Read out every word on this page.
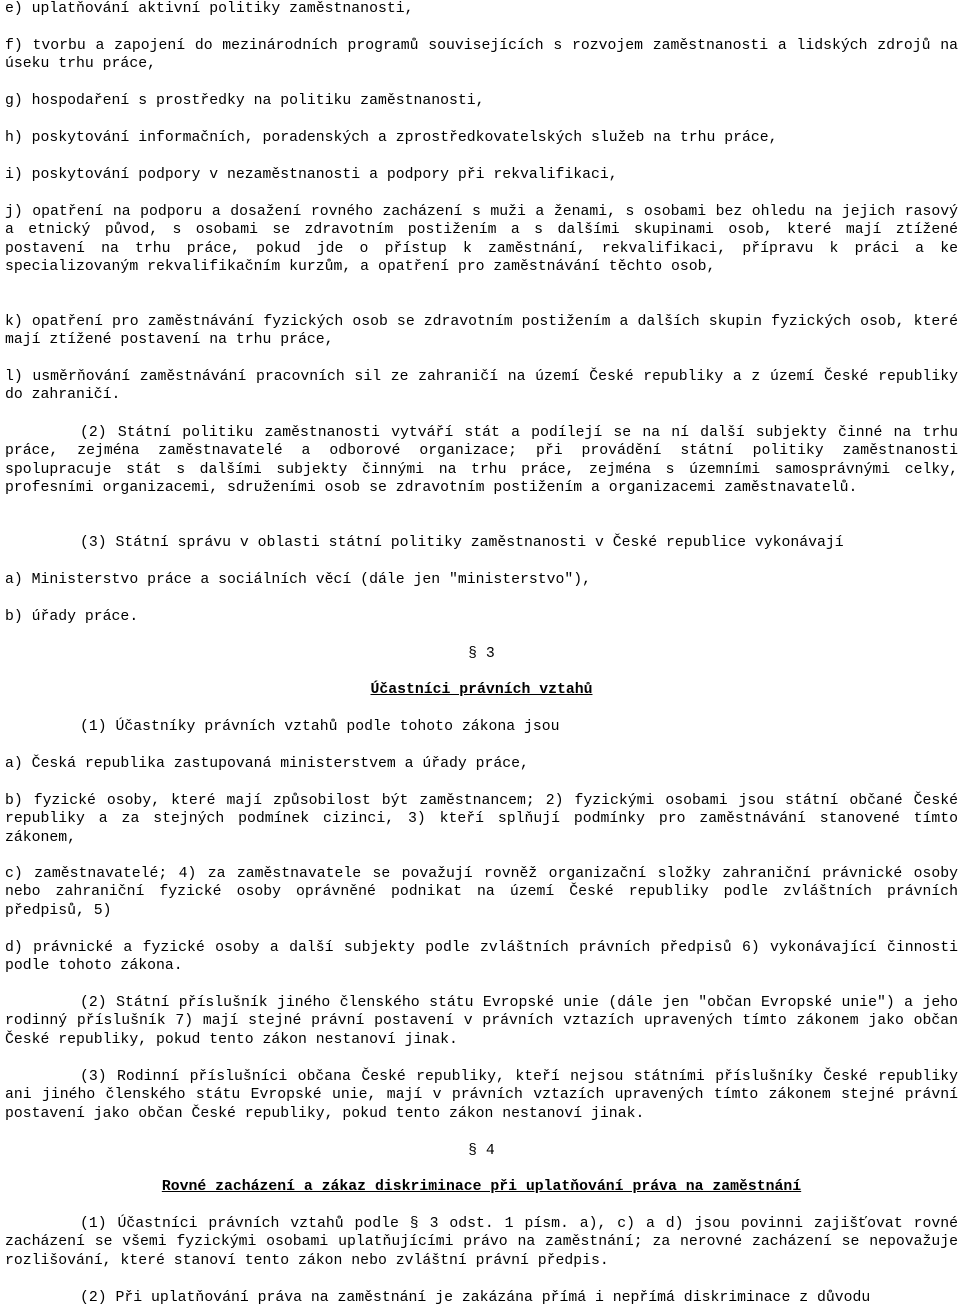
e) uplatňování aktivní politiky zaměstnanosti,

f) tvorbu a zapojení do mezinárodních programů souvisejících s rozvojem zaměstnanosti a lidských zdrojů na úseku trhu práce,

g) hospodaření s prostředky na politiku zaměstnanosti,

h) poskytování informačních, poradenských a zprostředkovatelských služeb na trhu práce,

i) poskytování podpory v nezaměstnanosti a podpory při rekvalifikaci,

j) opatření na podporu a dosažení rovného zacházení s muži a ženami, s osobami bez ohledu na jejich rasový a etnický původ, s osobami se zdravotním postižením a s dalšími skupinami osob, které mají ztížené postavení na trhu práce, pokud jde o přístup k zaměstnání, rekvalifikaci, přípravu k práci a ke specializovaným rekvalifikačním kurzům, a opatření pro zaměstnávání těchto osob,

k) opatření pro zaměstnávání fyzických osob se zdravotním postižením a dalších skupin fyzických osob, které mají ztížené postavení na trhu práce,

l) usměrňování zaměstnávání pracovních sil ze zahraničí na území České republiky a z území České republiky do zahraničí.

(2) Státní politiku zaměstnanosti vytváří stát a podílejí se na ní další subjekty činné na trhu práce, zejména zaměstnavatelé a odborové organizace; při provádění státní politiky zaměstnanosti spolupracuje stát s dalšími subjekty činnými na trhu práce, zejména s územními samosprávnými celky, profesními organizacemi, sdruženími osob se zdravotním postižením a organizacemi zaměstnavatelů.

(3) Státní správu v oblasti státní politiky zaměstnanosti v České republice vykonávají

a) Ministerstvo práce a sociálních věcí (dále jen "ministerstvo"),

b) úřady práce.

§ 3

Účastníci právních vztahů

(1) Účastníky právních vztahů podle tohoto zákona jsou

a) Česká republika zastupovaná ministerstvem a úřady práce,

b) fyzické osoby, které mají způsobilost být zaměstnancem; 2) fyzickými osobami jsou státní občané České republiky a za stejných podmínek cizinci, 3) kteří splňují podmínky pro zaměstnávání stanovené tímto zákonem,

c) zaměstnavatelé; 4) za zaměstnavatele se považují rovněž organizační složky zahraniční právnické osoby nebo zahraniční fyzické osoby oprávněné podnikat na území České republiky podle zvláštních právních předpisů, 5)

d) právnické a fyzické osoby a další subjekty podle zvláštních právních předpisů 6) vykonávající činnosti podle tohoto zákona.

(2) Státní příslušník jiného členského státu Evropské unie (dále jen "občan Evropské unie") a jeho rodinný příslušník 7) mají stejné právní postavení v právních vztazích upravených tímto zákonem jako občan České republiky, pokud tento zákon nestanoví jinak.

(3) Rodinní příslušníci občana České republiky, kteří nejsou státními příslušníky České republiky ani jiného členského státu Evropské unie, mají v právních vztazích upravených tímto zákonem stejné právní postavení jako občan České republiky, pokud tento zákon nestanoví jinak.

§ 4

Rovné zacházení a zákaz diskriminace při uplatňování práva na zaměstnání

(1) Účastníci právních vztahů podle § 3 odst. 1 písm. a), c) a d) jsou povinni zajišťovat rovné zacházení se všemi fyzickými osobami uplatňujícími právo na zaměstnání; za nerovné zacházení se nepovažuje rozlišování, které stanoví tento zákon nebo zvláštní právní předpis.

(2) Při uplatňování práva na zaměstnání je zakázána přímá i nepřímá diskriminace z důvodu
